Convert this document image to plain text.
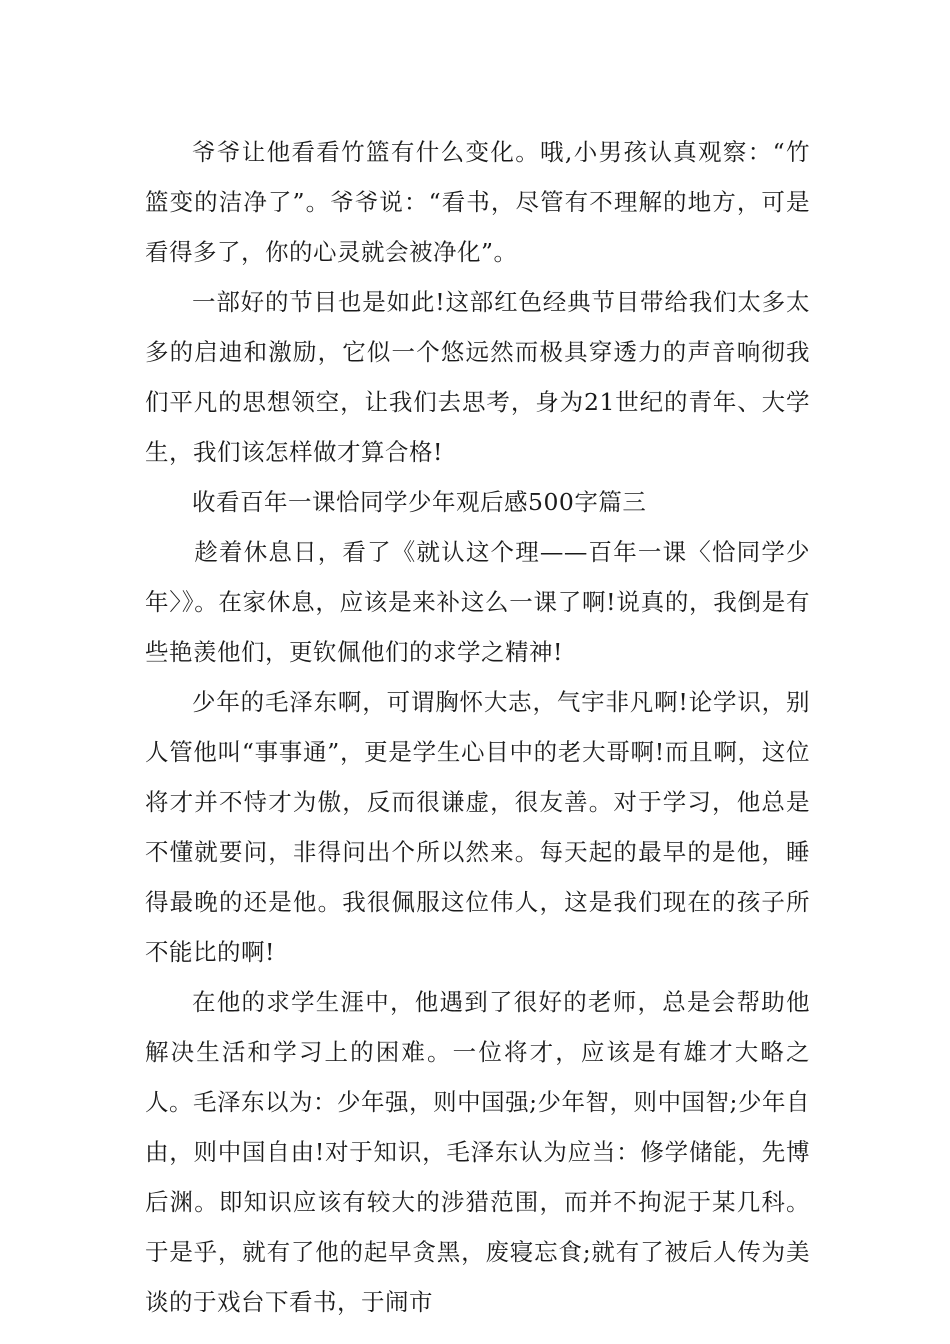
爷爷让他看看竹篮有什么变化。哦,小男孩认真观察：“竹篮变的洁净了”。爷爷说：“看书，尽管有不理解的地方，可是看得多了，你的心灵就会被净化”。

一部好的节目也是如此!这部红色经典节目带给我们太多太多的启迪和激励，它似一个悠远然而极具穿透力的声音响彻我们平凡的思想领空，让我们去思考，身为21世纪的青年、大学生，我们该怎样做才算合格!

收看百年一课恰同学少年观后感500字篇三

趁着休息日，看了《就认这个理——百年一课〈恰同学少年〉》。在家休息，应该是来补这么一课了啊!说真的，我倒是有些艳羡他们，更钦佩他们的求学之精神!

少年的毛泽东啊，可谓胸怀大志，气宇非凡啊!论学识，别人管他叫“事事通”，更是学生心目中的老大哥啊!而且啊，这位将才并不恃才为傲，反而很谦虚，很友善。对于学习，他总是不懂就要问，非得问出个所以然来。每天起的最早的是他，睡得最晚的还是他。我很佩服这位伟人，这是我们现在的孩子所不能比的啊!

在他的求学生涯中，他遇到了很好的老师，总是会帮助他解决生活和学习上的困难。一位将才，应该是有雄才大略之人。毛泽东以为：少年强，则中国强;少年智，则中国智;少年自由，则中国自由!对于知识，毛泽东认为应当：修学储能，先博后渊。即知识应该有较大的涉猎范围，而并不拘泥于某几科。于是乎，就有了他的起早贪黑，废寝忘食;就有了被后人传为美谈的于戏台下看书，于闹市
